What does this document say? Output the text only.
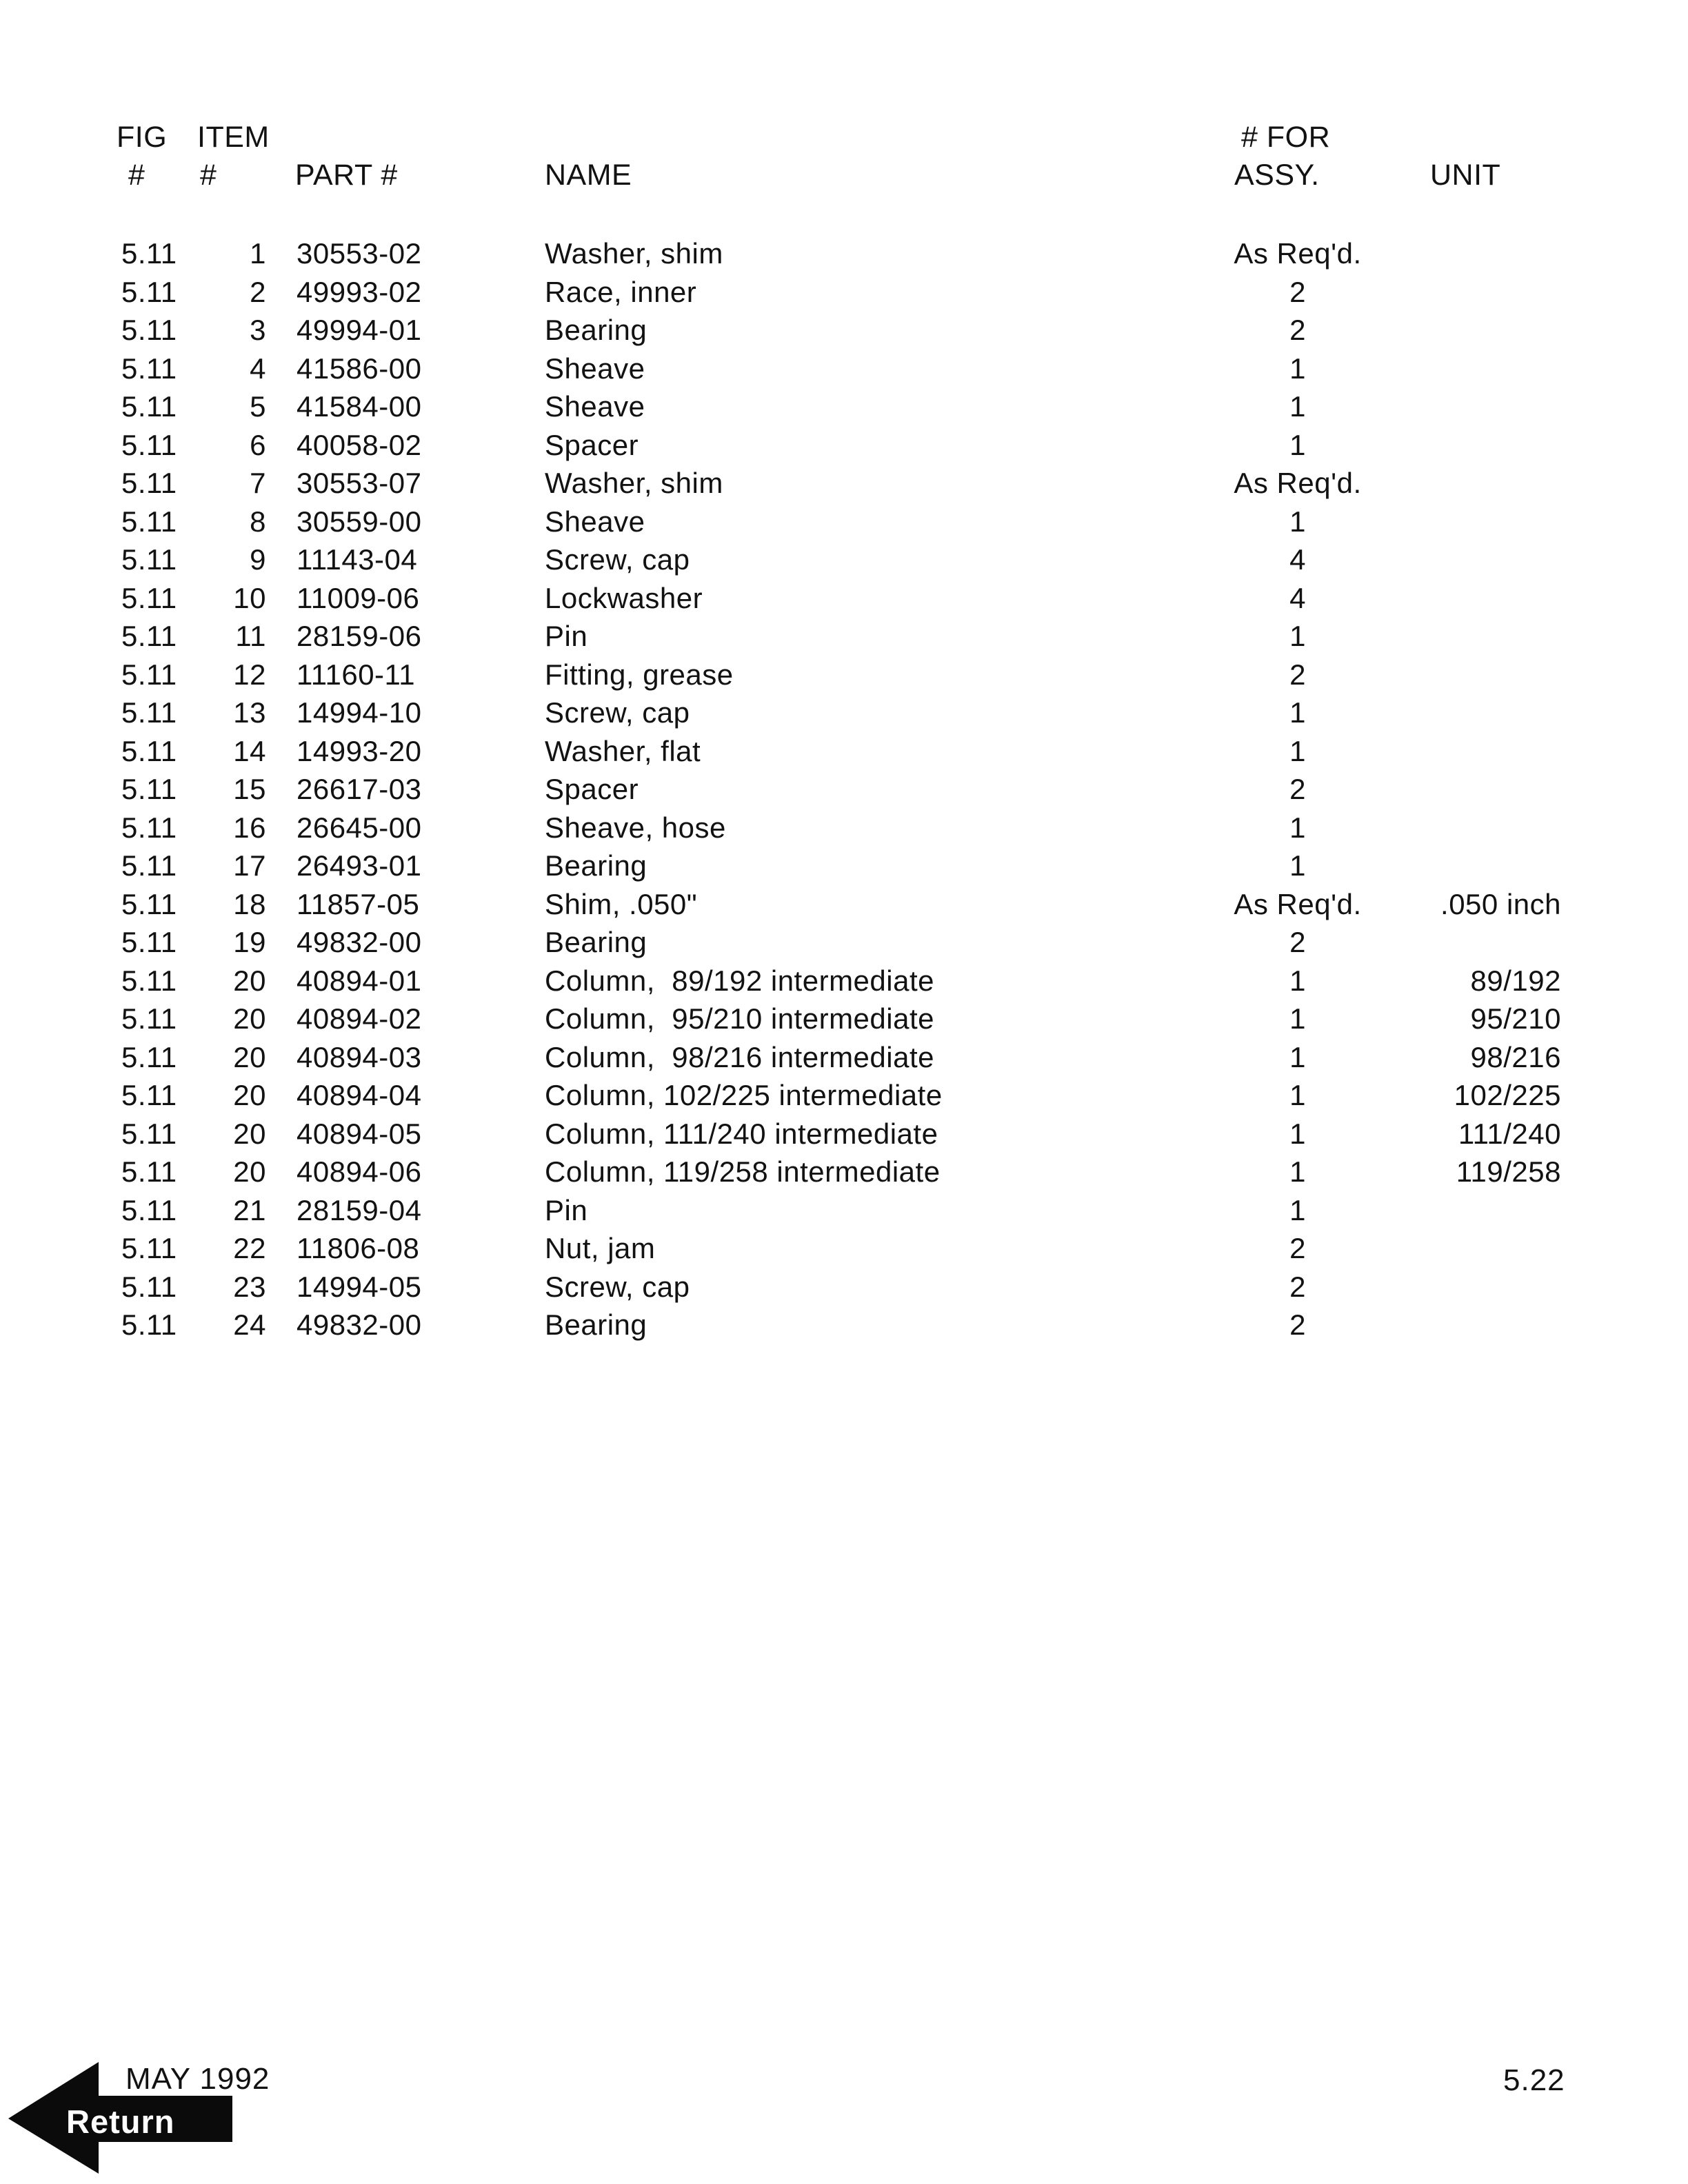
FIG ITEM	# FOR
# #	PART #	NAME	ASSY.	UNIT
5.11	1 30553-02	Washer, shim	As Req'd.
5.11	2 49993-02	Race, inner	2
5.11	3 49994-01	Bearing	2
5.11	4 41586-00	Sheave	1
5.11	5 41584-00	Sheave	1
5.11	6 40058-02	Spacer	1
5.11	7 30553-07	Washer, shim	As Req'd.
5.11	8 30559-00	Sheave	1
5.11	9 11143-04	Screw, cap	4
5.11	10 11009-06	Lockwasher	4
5.11	11 28159-06	Pin	1
5.11	12 11160-11	Fitting, grease	2
5.11	13 14994-10	Screw, cap	1
5.11	14 14993-20	Washer, flat	1
5.11	15 26617-03	Spacer	2
5.11	16 26645-00	Sheave, hose	1
5.11	17 26493-01	Bearing	1
5.11	18 11857-05	Shim, .050"	As Req'd.	.050 inch
5.11	19 49832-00	Bearing	2
5.11	20 40894-01	Column,  89/192 intermediate	1	89/192
5.11	20 40894-02	Column,  95/210 intermediate	1	95/210
5.11	20 40894-03	Column,  98/216 intermediate	1	98/216
5.11	20 40894-04	Column, 102/225 intermediate	1	102/225
5.11	20 40894-05	Column, 111/240 intermediate	1	111/240
5.11	20 40894-06	Column, 119/258 intermediate	1	119/258
5.11	21 28159-04	Pin	1
5.11	22 11806-08	Nut, jam	2
5.11	23 14994-05	Screw, cap	2
5.11	24 49832-00	Bearing	2
MAY 1992
Return
5.22
